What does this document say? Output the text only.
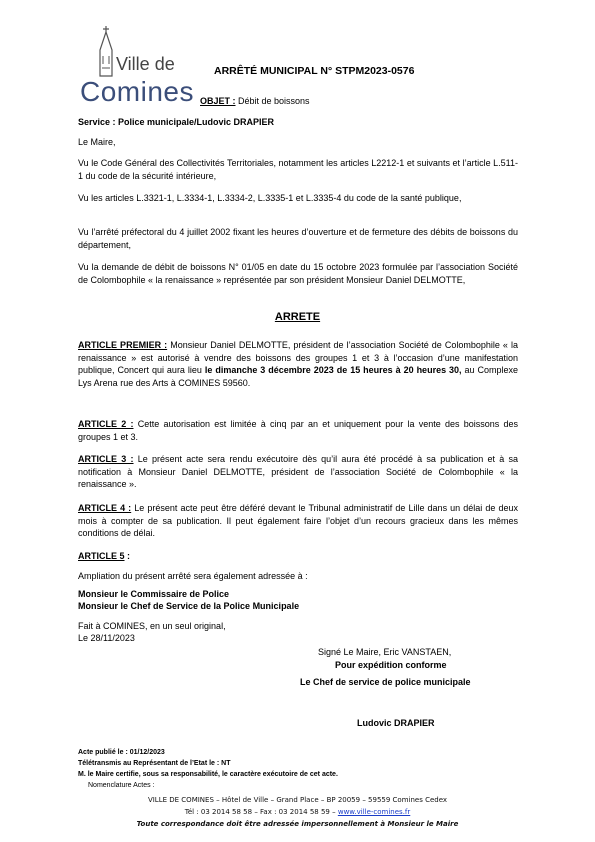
Ville de
Comines
ARRÊTÉ MUNICIPAL N° STPM2023-0576
OBJET : Débit de boissons
Service : Police municipale/Ludovic DRAPIER
Le Maire,
Vu le Code Général des Collectivités Territoriales, notamment les articles L2212-1 et suivants et l’article L.511-1 du code de la sécurité intérieure,
Vu les articles L.3321-1, L.3334-1, L.3334-2, L.3335-1 et L.3335-4 du code de la santé publique,
Vu l’arrêté préfectoral du 4 juillet 2002 fixant les heures d’ouverture et de fermeture des débits de boissons du département,
Vu la demande de débit de boissons N° 01/05 en date du 15 octobre 2023 formulée par l’association Société de Colombophile « la renaissance » représentée par son président Monsieur Daniel DELMOTTE,
ARRETE
ARTICLE PREMIER : Monsieur Daniel DELMOTTE, président de l’association Société de Colombophile « la renaissance » est autorisé à vendre des boissons des groupes 1 et 3 à l’occasion d’une manifestation publique, Concert qui aura lieu le dimanche 3 décembre 2023 de 15 heures à 20 heures 30, au Complexe Lys Arena rue des Arts à COMINES 59560.
ARTICLE 2 : Cette autorisation est limitée à cinq par an et uniquement pour la vente des boissons des groupes 1 et 3.
ARTICLE 3 : Le présent acte sera rendu exécutoire dès qu’il aura été procédé à sa publication et à sa notification à Monsieur Daniel DELMOTTE, président de l’association Société de Colombophile « la renaissance ».
ARTICLE 4 : Le présent acte peut être déféré devant le Tribunal administratif de Lille dans un délai de deux mois à compter de sa publication. Il peut également faire l’objet d’un recours gracieux dans les mêmes conditions de délai.
ARTICLE 5 :
Ampliation du présent arrêté sera également adressée à :
Monsieur le Commissaire de Police
Monsieur le Chef de Service de la Police Municipale
Fait à COMINES, en un seul original,
Le 28/11/2023
Signé Le Maire, Eric VANSTAEN,
Pour expédition conforme
Le Chef de service de police municipale
Ludovic DRAPIER
Acte publié le : 01/12/2023
Télétransmis au Représentant de l’Etat le : NT
M. le Maire certifie, sous sa responsabilité, le caractère exécutoire de cet acte.
Nomenclature Actes :
VILLE DE COMINES – Hôtel de Ville – Grand Place – BP 20059 – 59559 Comines Cedex
Tél : 03 2014 58 58 – Fax : 03 2014 58 59 – www.ville-comines.fr
Toute correspondance doit être adressée impersonnellement à Monsieur le Maire
